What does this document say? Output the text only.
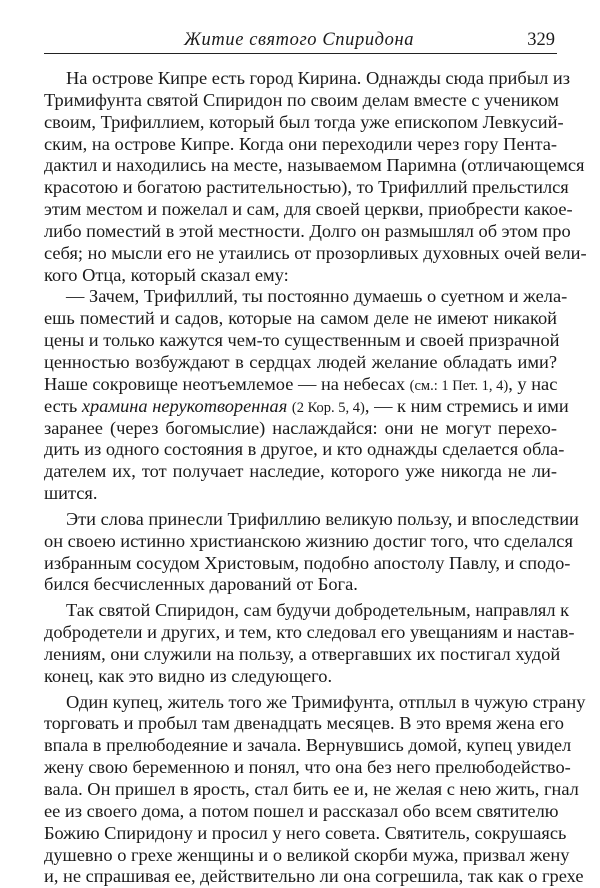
Житие святого Спиридона	329
На острове Кипре есть город Кирина. Однажды сюда прибыл из
Тримифунта святой Спиридон по своим делам вместе с учеником
своим, Трифиллием, который был тогда уже епископом Левкусий-
ским, на острове Кипре. Когда они переходили через гору Пента-
дактил и находились на месте, называемом Паримна (отличающемся
красотою и богатою растительностью), то Трифиллий прельстился
этим местом и пожелал и сам, для своей церкви, приобрести какое-
либо поместий в этой местности. Долго он размышлял об этом про
себя; но мысли его не утаились от прозорливых духовных очей вели-
кого Отца, который сказал ему:
— Зачем, Трифиллий, ты постоянно думаешь о суетном и жела-
ешь поместий и садов, которые на самом деле не имеют никакой
цены и только кажутся чем-то существенным и своей призрачной
ценностью возбуждают в сердцах людей желание обладать ими?
Наше сокровище неотъемлемое — на небесах (см.: 1 Пет. 1, 4), у нас
есть храмина нерукотворенная (2 Кор. 5, 4), — к ним стремись и ими
заранее (через богомыслие) наслаждайся: они не могут перехо-
дить из одного состояния в другое, и кто однажды сделается обла-
дателем их, тот получает наследие, которого уже никогда не ли-
шится.
Эти слова принесли Трифиллию великую пользу, и впоследствии
он своею истинно христианскою жизнию достиг того, что сделался
избранным сосудом Христовым, подобно апостолу Павлу, и сподо-
бился бесчисленных дарований от Бога.
Так святой Спиридон, сам будучи добродетельным, направлял к
добродетели и других, и тем, кто следовал его увещаниям и настав-
лениям, они служили на пользу, а отвергавших их постигал худой
конец, как это видно из следующего.
Один купец, житель того же Тримифунта, отплыл в чужую страну
торговать и пробыл там двенадцать месяцев. В это время жена его
впала в прелюбодеяние и зачала. Вернувшись домой, купец увидел
жену свою беременною и понял, что она без него прелюбодейство-
вала. Он пришел в ярость, стал бить ее и, не желая с нею жить, гнал
ее из своего дома, а потом пошел и рассказал обо всем святителю
Божию Спиридону и просил у него совета. Святитель, сокрушаясь
душевно о грехе женщины и о великой скорби мужа, призвал жену
и, не спрашивая ее, действительно ли она согрешила, так как о грехе
